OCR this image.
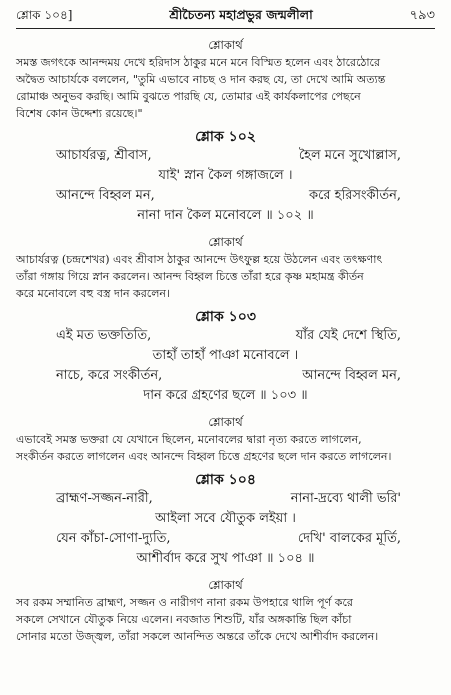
শ্লোক ১০৪]	শ্রীচৈতন্য মহাপ্রভুর জন্মলীলা	৭৯৩
শ্লোকার্থ

সমস্ত জগৎকে আনন্দময় দেখে হরিদাস ঠাকুর মনে মনে বিস্মিত হলেন এবং ঠারেঠোরে

অদ্বৈত আচার্যকে বললেন, "তুমি এভাবে নাচছ ও দান করছ যে, তা দেখে আমি অত্যন্ত

রোমাঞ্চ অনুভব করছি। আমি বুঝতে পারছি যে, তোমার এই কার্যকলাপের পেছনে

বিশেষ কোন উদ্দেশ্য রয়েছে।"

শ্লোক ১০২
আচার্যরত্ন, শ্রীবাস,	হৈল মনে সুখোল্লাস,
যাই' স্নান কৈল গঙ্গাজলে ।
আনন্দে বিহ্বল মন,	করে হরিসংকীর্তন,
নানা দান কৈল মনোবলে ॥ ১০২ ॥
শ্লোকার্থ

আচার্যরত্ন (চন্দ্রশেখর) এবং শ্রীবাস ঠাকুর আনন্দে উৎফুল্ল হয়ে উঠলেন এবং তৎক্ষণাৎ

তাঁরা গঙ্গায় গিয়ে স্নান করলেন। আনন্দ বিহ্বল চিত্তে তাঁরা হরে কৃষ্ণ মহামন্ত্র কীর্তন

করে মনোবলে বহু বস্ত্র দান করলেন।

শ্লোক ১০৩
এই মত ভক্ততিতি,	যাঁর যেই দেশে স্থিতি,
তাহাঁ তাহাঁ পাঞা মনোবলে ।
নাচে, করে সংকীর্তন,	আনন্দে বিহ্বল মন,
দান করে গ্রহণের ছলে ॥ ১০৩ ॥
শ্লোকার্থ

এভাবেই সমস্ত ভক্তরা যে যেখানে ছিলেন, মনোবলের দ্বারা নৃত্য করতে লাগলেন,

সংকীর্তন করতে লাগলেন এবং আনন্দে বিহ্বল চিত্তে গ্রহণের ছলে দান করতে লাগলেন।

শ্লোক ১০৪
ব্রাহ্মণ-সজ্জন-নারী,	নানা-দ্রব্যে থালী ভরি'
আইলা সবে যৌতুক লইয়া ।
যেন কাঁচা-সোণা-দ্যুতি,	দেখি' বালকের মূর্তি,
আশীর্বাদ করে সুখ পাঞা ॥ ১০৪ ॥
শ্লোকার্থ

সব রকম সম্মানিত ব্রাহ্মণ, সজ্জন ও নারীগণ নানা রকম উপহারে থালি পূর্ণ করে

সকলে সেখানে যৌতুক নিয়ে এলেন। নবজাত শিশুটি, যাঁর অঙ্গকান্তি ছিল কাঁচা

সোনার মতো উজ্জ্বল, তাঁরা সকলে আনন্দিত অন্তরে তাঁকে দেখে আশীর্বাদ করলেন।
